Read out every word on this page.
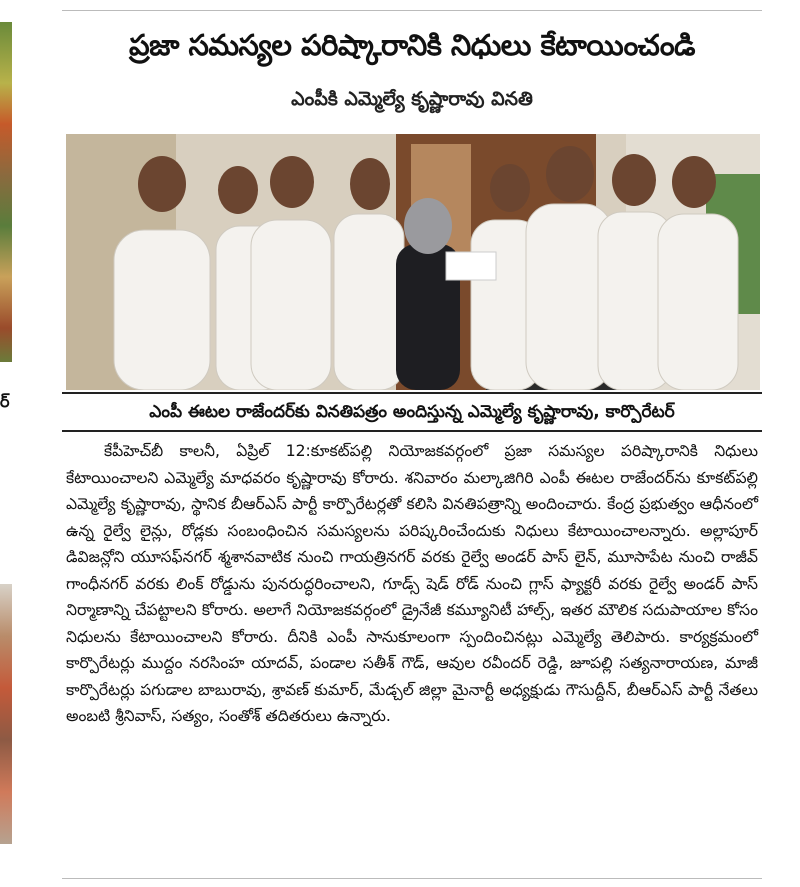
ర్
ప్రజా సమస్యల పరిష్కారానికి నిధులు కేటాయించండి
ఎంపీకి ఎమ్మెల్యే కృష్ణారావు వినతి
ఎంపీ ఈటల రాజేందర్‌కు వినతిపత్రం అందిస్తున్న ఎమ్మెల్యే కృష్ణారావు, కార్పొరేటర్
కేపీహెచ్‌బీ కాలనీ, ఏప్రిల్ 12:కూకట్‌పల్లి నియోజకవర్గంలో ప్రజా సమస్యల పరిష్కారానికి నిధులు కేటాయించాలని ఎమ్మెల్యే మాధవరం కృష్ణారావు కోరారు. శనివారం మల్కాజిగిరి ఎంపీ ఈటల రాజేందర్‌ను కూకట్‌పల్లి ఎమ్మెల్యే కృష్ణారావు, స్థానిక బీఆర్ఎస్ పార్టీ కార్పొరేటర్లతో కలిసి వినతిపత్రాన్ని అందించారు. కేంద్ర ప్రభుత్వం ఆధీనంలో ఉన్న రైల్వే లైన్లు, రోడ్లకు సంబంధించిన సమస్యలను పరిష్కరించేందుకు నిధులు కేటాయించాలన్నారు. అల్లాపూర్ డివిజన్లోని యూసఫ్‌నగర్ శ్మశానవాటిక నుంచి గాయత్రినగర్ వరకు రైల్వే అండర్ పాస్ లైన్, మూసాపేట నుంచి రాజీవ్ గాంధీనగర్ వరకు లింక్ రోడ్డును పునరుద్ధరించాలని, గూడ్స్ షెడ్ రోడ్ నుంచి గ్లాస్ ఫ్యాక్టరీ వరకు రైల్వే అండర్ పాస్ నిర్మాణాన్ని చేపట్టాలని కోరారు. అలాగే నియోజకవర్గంలో డ్రైనేజీ కమ్యూనిటీ హాల్స్, ఇతర మౌలిక సదుపాయాల కోసం నిధులను కేటాయించాలని కోరారు. దీనికి ఎంపీ సానుకూలంగా స్పందించినట్లు ఎమ్మెల్యే తెలిపారు. కార్యక్రమంలో కార్పొరేటర్లు ముద్దం నరసింహ యాదవ్, పండాల సతీశ్ గౌడ్, ఆవుల రవీందర్ రెడ్డి, జూపల్లి సత్యనారాయణ, మాజీ కార్పొరేటర్లు పగుడాల బాబురావు, శ్రావణ్ కుమార్, మేడ్చల్ జిల్లా మైనార్టీ అధ్యక్షుడు గౌసుద్దీన్, బీఆర్ఎస్ పార్టీ నేతలు అంబటి శ్రీనివాస్, సత్యం, సంతోశ్ తదితరులు ఉన్నారు.
